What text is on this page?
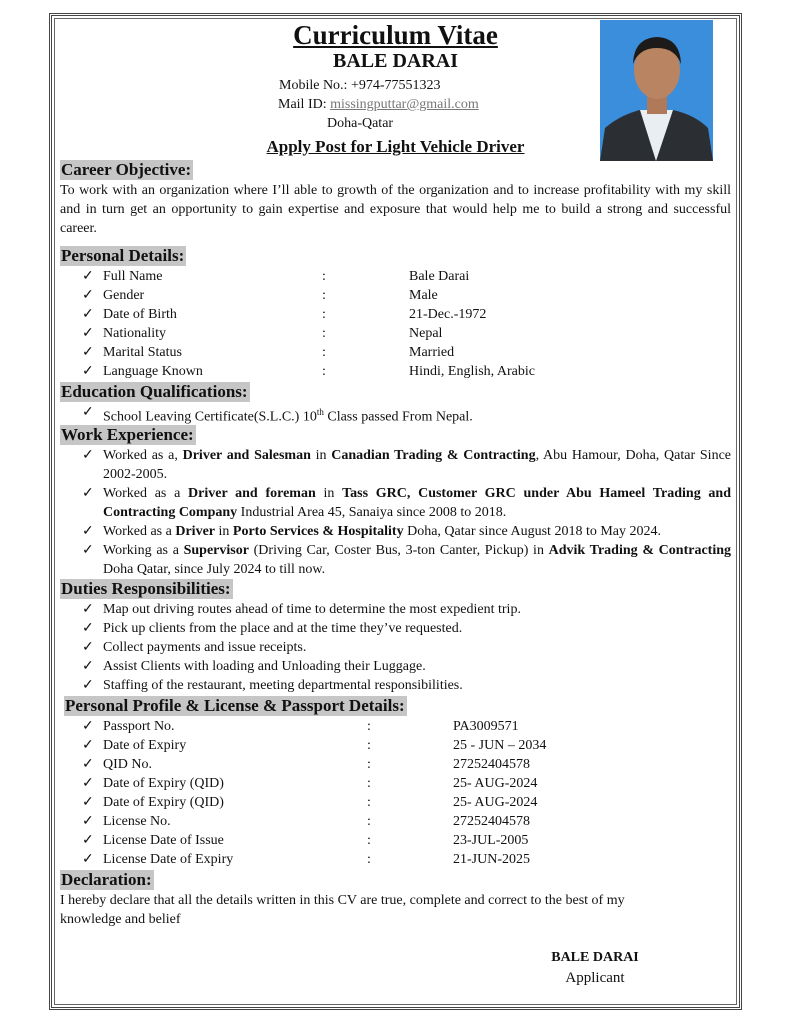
Curriculum Vitae
BALE DARAI
Mobile No.: +974-77551323
Mail ID: missingputtar@gmail.com
Doha-Qatar
Apply Post for Light Vehicle Driver
Career Objective:
To work with an organization where I’ll able to growth of the organization and to increase profitability with my skill and in turn get an opportunity to gain expertise and exposure that would help me to build a strong and successful career.
Personal Details:
✓ Full Name	:	Bale Darai
✓ Gender	:	Male
✓ Date of Birth	:	21-Dec.-1972
✓ Nationality	:	Nepal
✓ Marital Status	:	Married
✓ Language Known	:	Hindi, English, Arabic
Education Qualifications:
✓ School Leaving Certificate(S.L.C.) 10th Class passed From Nepal.
Work Experience:
✓ Worked as a, Driver and Salesman in Canadian Trading & Contracting, Abu Hamour, Doha, Qatar Since 2002-2005.
✓ Worked as a Driver and foreman in Tass GRC, Customer GRC under Abu Hameel Trading and Contracting Company Industrial Area 45, Sanaiya since 2008 to 2018.
✓ Worked as a Driver in Porto Services & Hospitality Doha, Qatar since August 2018 to May 2024.
✓ Working as a Supervisor (Driving Car, Coster Bus, 3-ton Canter, Pickup) in Advik Trading & Contracting Doha Qatar, since July 2024 to till now.
Duties Responsibilities:
✓ Map out driving routes ahead of time to determine the most expedient trip.
✓ Pick up clients from the place and at the time they’ve requested.
✓ Collect payments and issue receipts.
✓ Assist Clients with loading and Unloading their Luggage.
✓ Staffing of the restaurant, meeting departmental responsibilities.
Personal Profile & License & Passport Details:
✓ Passport No.	:	PA3009571
✓ Date of Expiry	:	25 - JUN – 2034
✓ QID No.	:	27252404578
✓ Date of Expiry (QID)	:	25- AUG-2024
✓ Date of Expiry (QID)	:	25- AUG-2024
✓ License No.	:	27252404578
✓ License Date of Issue	:	23-JUL-2005
✓ License Date of Expiry	:	21-JUN-2025
Declaration:
I hereby declare that all the details written in this CV are true, complete and correct to the best of my knowledge and belief
BALE DARAI
Applicant
